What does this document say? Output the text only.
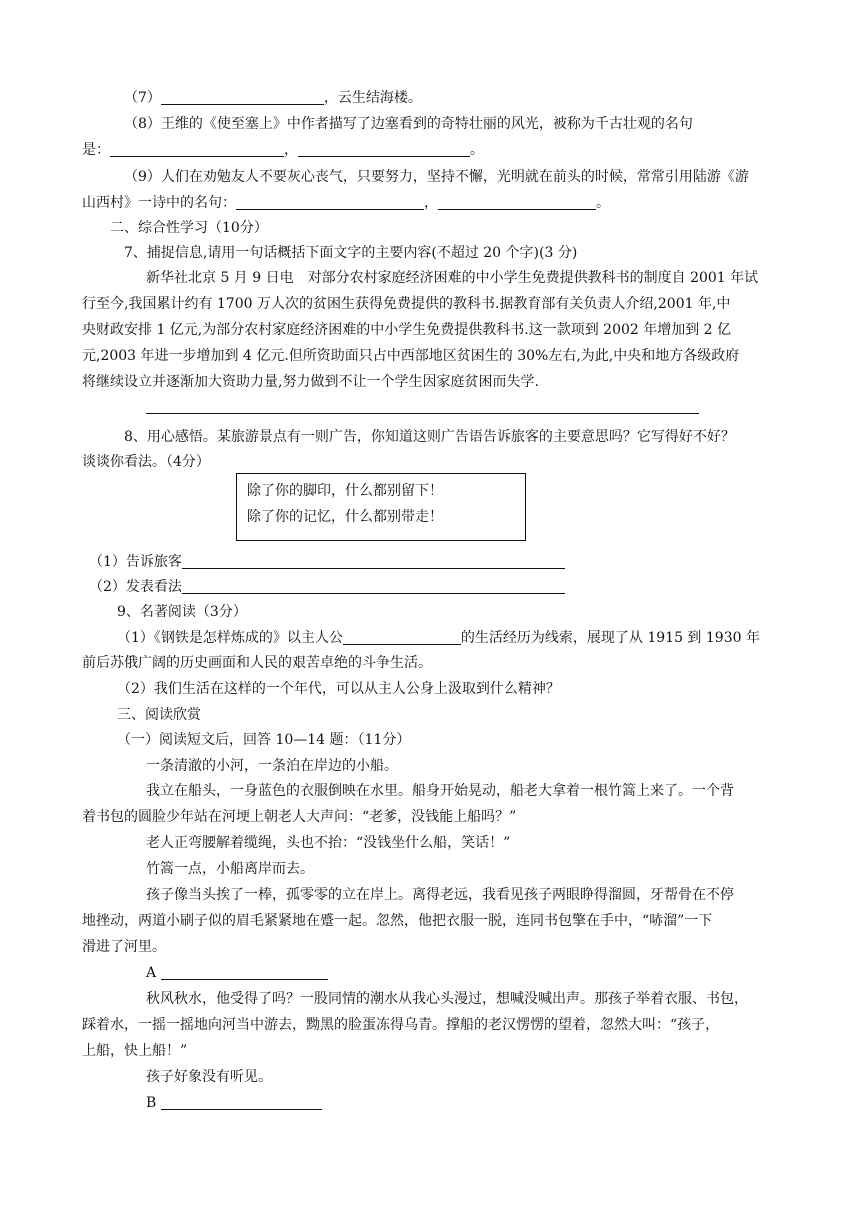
（7）	，云生结海楼。
（8）王维的《使至塞上》中作者描写了边塞看到的奇特壮丽的风光，被称为千古壮观的名句
是：	，	。
（9）人们在劝勉友人不要灰心丧气，只要努力，坚持不懈，光明就在前头的时候，常常引用陆游《游
山西村》一诗中的名句：	，	。
二、综合性学习（10分）
7、捕捉信息,请用一句话概括下面文字的主要内容(不超过 20 个字)(3 分)
新华社北京 5 月 9 日电　对部分农村家庭经济困难的中小学生免费提供教科书的制度自 2001 年试
行至今,我国累计约有 1700 万人次的贫困生获得免费提供的教科书.据教育部有关负责人介绍,2001 年,中
央财政安排 1 亿元,为部分农村家庭经济困难的中小学生免费提供教科书.这一款项到 2002 年增加到 2 亿
元,2003 年进一步增加到 4 亿元.但所资助面只占中西部地区贫困生的 30%左右,为此,中央和地方各级政府
将继续设立并逐渐加大资助力量,努力做到不让一个学生因家庭贫困而失学.
8、用心感悟。某旅游景点有一则广告，你知道这则广告语告诉旅客的主要意思吗？它写得好不好？
谈谈你看法。（4分）
除了你的脚印，什么都别留下！
除了你的记忆，什么都别带走！
（1）告诉旅客
（2）发表看法
9、名著阅读（3分）
（1）《钢铁是怎样炼成的》以主人公	的生活经历为线索，展现了从 1915 到 1930 年
前后苏俄广阔的历史画面和人民的艰苦卓绝的斗争生活。
（2）我们生活在这样的一个年代，可以从主人公身上汲取到什么精神？
三、阅读欣赏
（一）阅读短文后，回答 10—14 题：（11分）
一条清澈的小河，一条泊在岸边的小船。
我立在船头，一身蓝色的衣服倒映在水里。船身开始晃动，船老大拿着一根竹篙上来了。一个背
着书包的圆脸少年站在河埂上朝老人大声问：“老爹，没钱能上船吗？”
老人正弯腰解着缆绳，头也不抬：“没钱坐什么船，笑话！”
竹篙一点，小船离岸而去。
孩子像当头挨了一棒，孤零零的立在岸上。离得老远，我看见孩子两眼睁得溜圆，牙帮骨在不停
地挫动，两道小刷子似的眉毛紧紧地在蹙一起。忽然，他把衣服一脱，连同书包擎在手中，“哧溜”一下
滑进了河里。
A
秋风秋水，他受得了吗？一股同情的潮水从我心头漫过，想喊没喊出声。那孩子举着衣服、书包，
踩着水，一摇一摇地向河当中游去，黝黑的脸蛋冻得乌青。撑船的老汉愣愣的望着，忽然大叫：“孩子，
上船，快上船！”
孩子好象没有听见。
B
